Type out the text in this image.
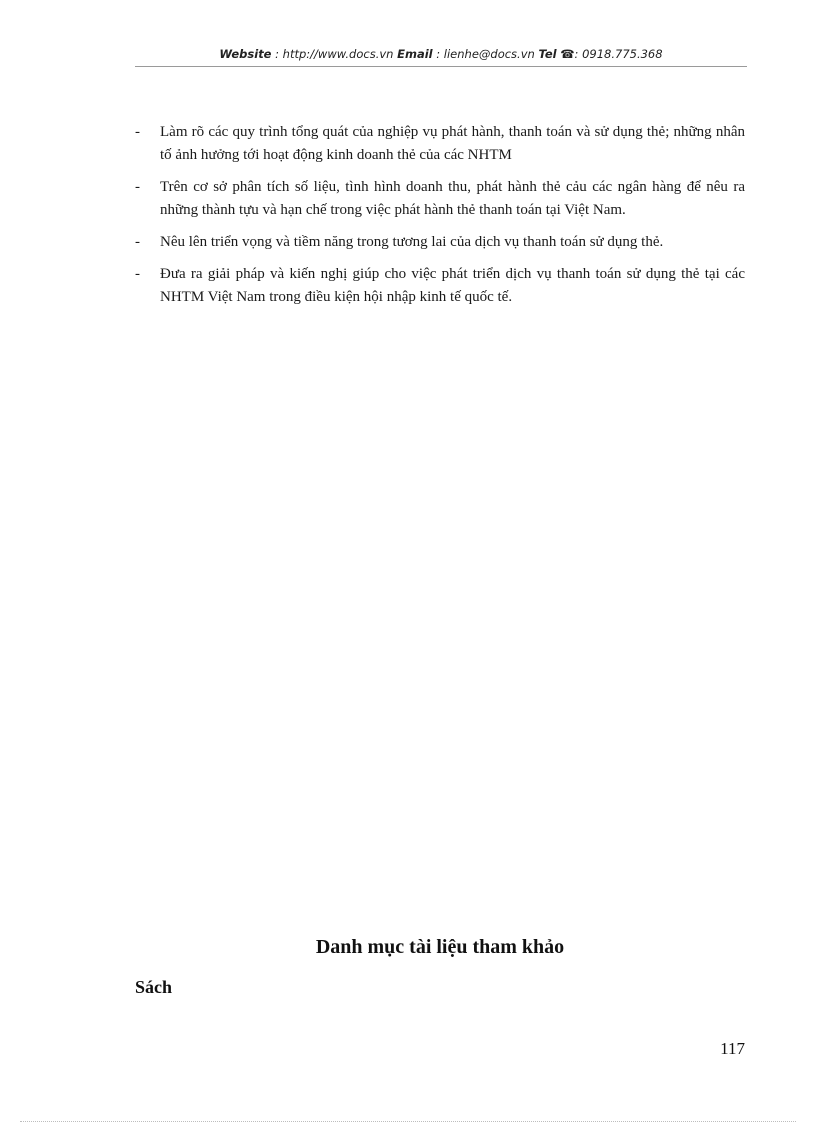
Website : http://www.docs.vn Email : lienhe@docs.vn Tel ☎: 0918.775.368
- Làm rõ các quy trình tổng quát của nghiệp vụ phát hành, thanh toán và sử dụng thẻ; những nhân tố ảnh hưởng tới hoạt động kinh doanh thẻ của các NHTM
- Trên cơ sở phân tích số liệu, tình hình doanh thu, phát hành thẻ cảu các ngân hàng để nêu ra những thành tựu và hạn chế trong việc phát hành thẻ thanh toán tại Việt Nam.
- Nêu lên triển vọng và tiềm năng trong tương lai của dịch vụ thanh toán sử dụng thẻ.
- Đưa ra giải pháp và kiến nghị giúp cho việc phát triển dịch vụ thanh toán sử dụng thẻ tại các NHTM Việt Nam trong điều kiện hội nhập kinh tế quốc tế.
Danh mục tài liệu tham khảo
Sách
117
